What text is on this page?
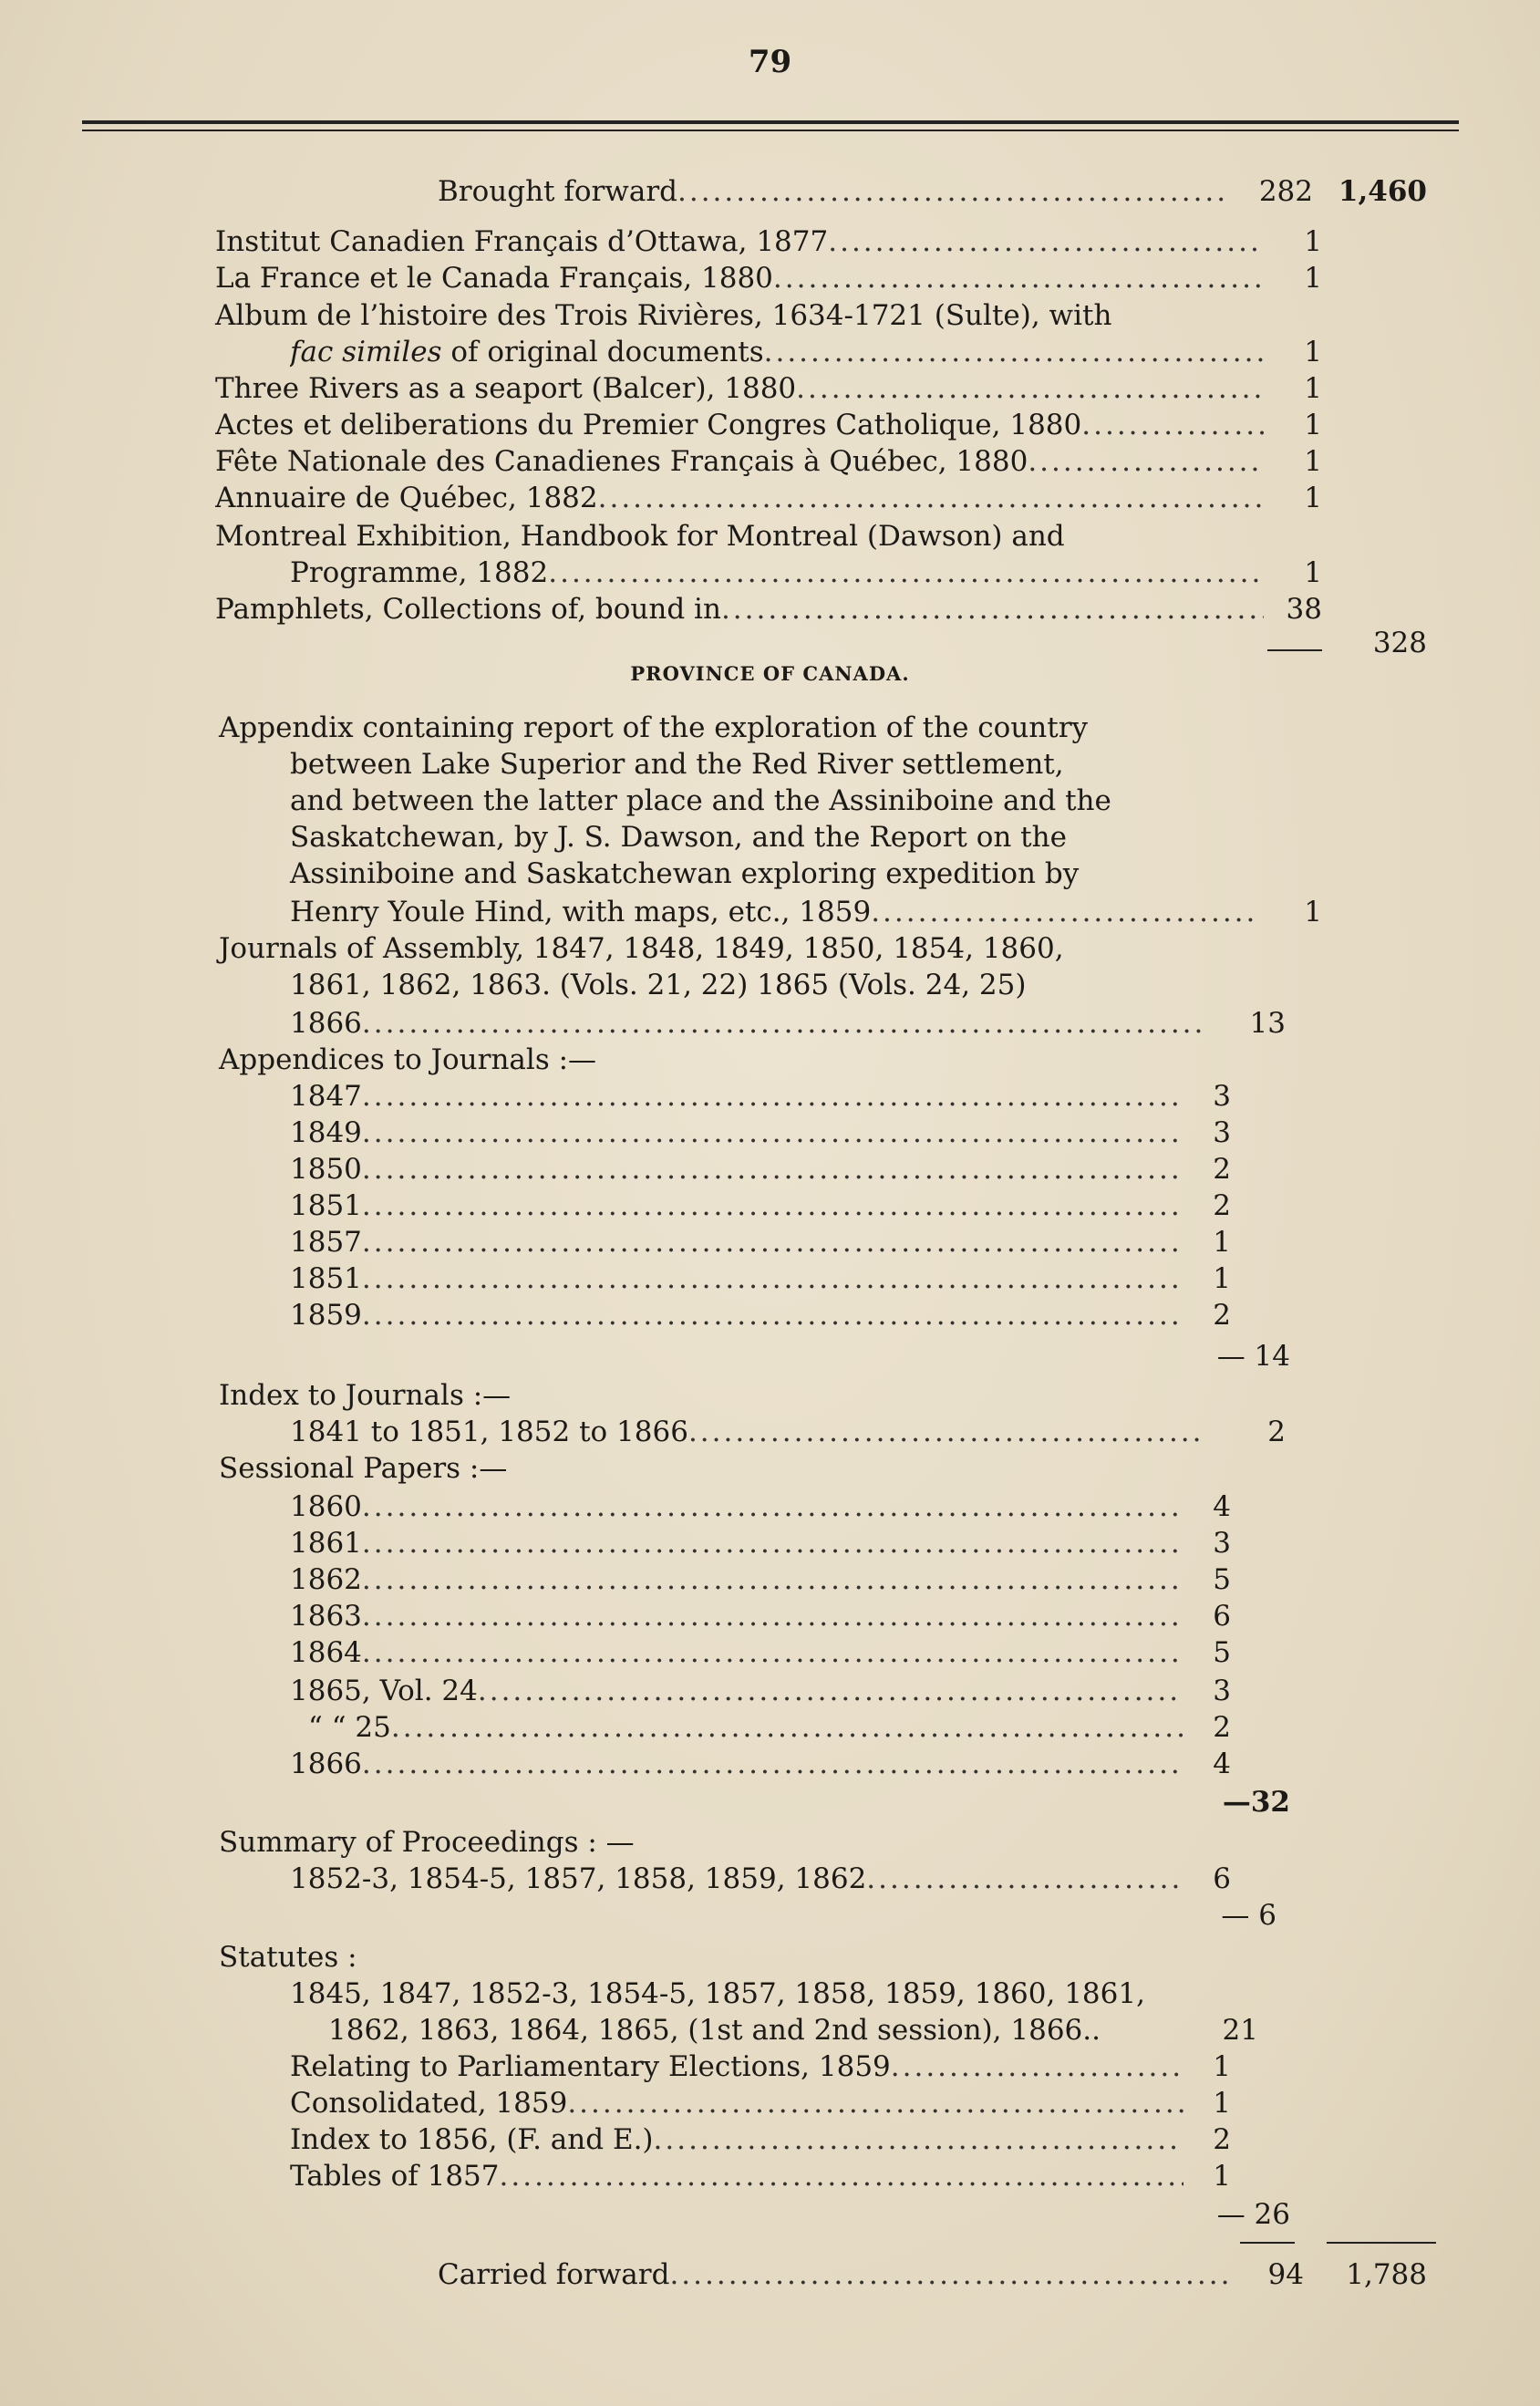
79
Brought forward .....	282 1,460
Institut Canadien Français d’Ottawa, 1877 .....	1
La France et le Canada Français, 1880 .....	1
Album de l’histoire des Trois Rivières, 1634-1721 (Sulte), with
fac similes of original documents .....	1
Three Rivers as a seaport (Balcer), 1880 .....	1
Actes et deliberations du Premier Congres Catholique, 1880 .....	1
Fête Nationale des Canadienes Français à Québec, 1880 .....	1
Annuaire de Québec, 1882 .....	1
Montreal Exhibition, Handbook for Montreal (Dawson) and
Programme, 1882 .....	1
Pamphlets, Collections of, bound in .....	38
328
PROVINCE OF CANADA.
Appendix containing report of the exploration of the country
between Lake Superior and the Red River settlement,
and between the latter place and the Assiniboine and the
Saskatchewan, by J. S. Dawson, and the Report on the
Assiniboine and Saskatchewan exploring expedition by
Henry Youle Hind, with maps, etc., 1859 .....	1
Journals of Assembly, 1847, 1848, 1849, 1850, 1854, 1860,
1861, 1862, 1863. (Vols. 21, 22) 1865 (Vols. 24, 25)
1866 .....	13
Appendices to Journals :—
1847 .....	3
1849 .....	3
1850 .....	2
1851 .....	2
1857 .....	1
1851 .....	1
1859 .....	2
— 14
Index to Journals :—
1841 to 1851, 1852 to 1866 .....	2
Sessional Papers :—
1860 .....	4
1861 .....	3
1862 .....	5
1863 .....	6
1864 .....	5
1865, Vol. 24 .....	3
“ “ 25 .....	2
1866 .....	4
—32
Summary of Proceedings : —
1852-3, 1854-5, 1857, 1858, 1859, 1862 .....	6
— 6
Statutes :
1845, 1847, 1852-3, 1854-5, 1857, 1858, 1859, 1860, 1861,
1862, 1863, 1864, 1865, (1st and 2nd session), 1866..	21
Relating to Parliamentary Elections, 1859 .....	1
Consolidated, 1859 .....	1
Index to 1856, (F. and E.) .....	2
Tables of 1857 .....	1
— 26
Carried forward .....	94	1,788
